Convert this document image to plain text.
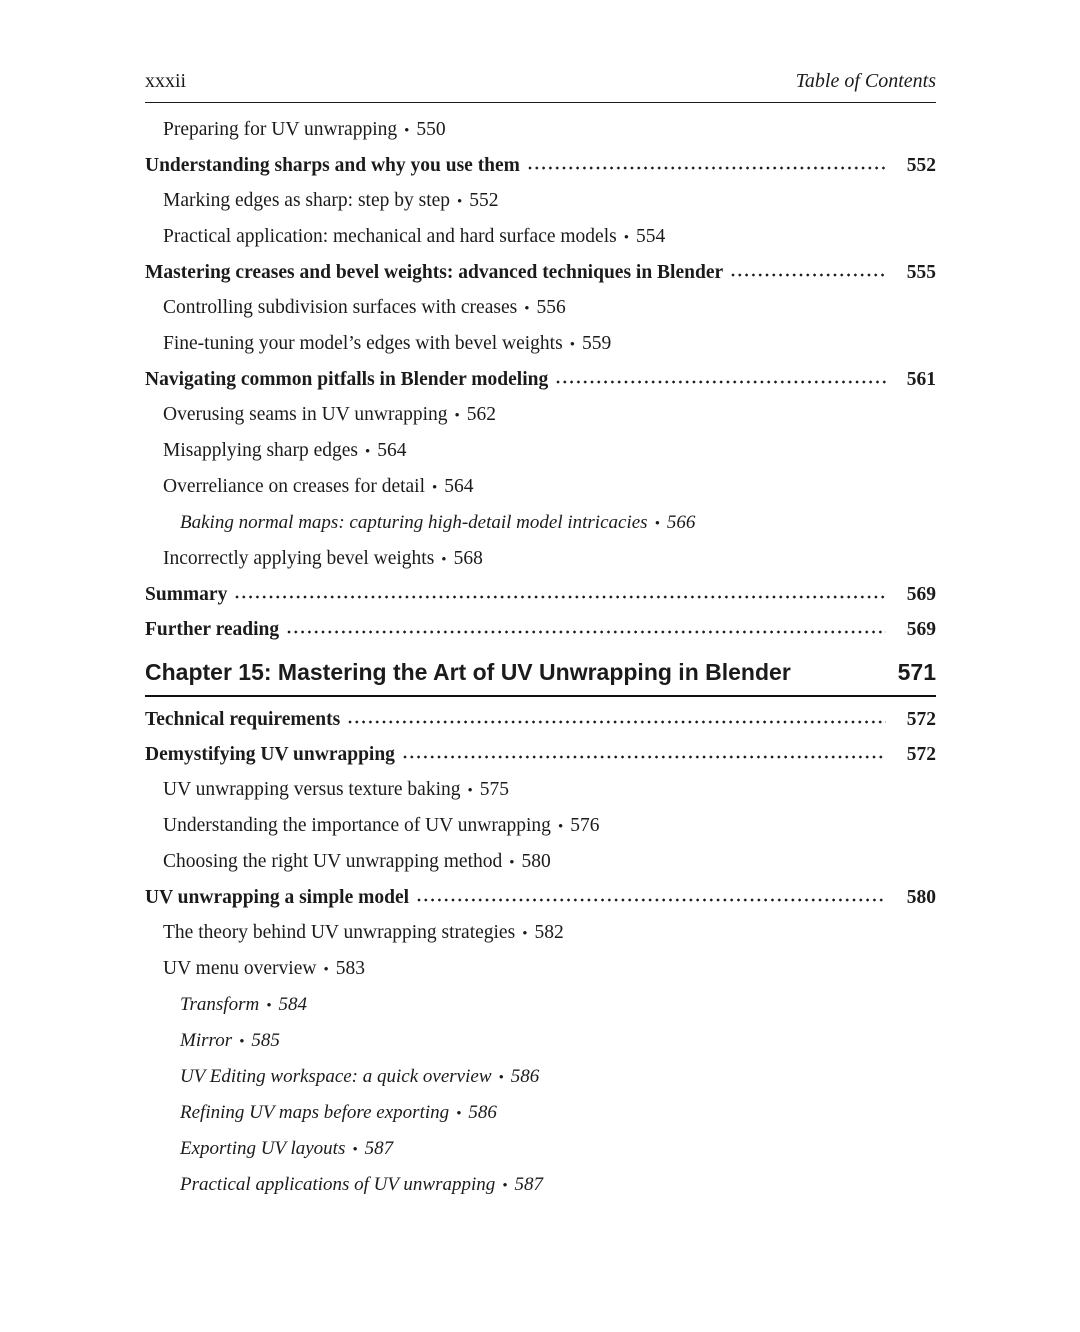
xxxii	Table of Contents
Preparing for UV unwrapping • 550
Understanding sharps and why you use them	552
Marking edges as sharp: step by step • 552
Practical application: mechanical and hard surface models • 554
Mastering creases and bevel weights: advanced techniques in Blender	555
Controlling subdivision surfaces with creases • 556
Fine-tuning your model’s edges with bevel weights • 559
Navigating common pitfalls in Blender modeling	561
Overusing seams in UV unwrapping • 562
Misapplying sharp edges • 564
Overreliance on creases for detail • 564
Baking normal maps: capturing high-detail model intricacies • 566
Incorrectly applying bevel weights • 568
Summary	569
Further reading	569
Chapter 15: Mastering the Art of UV Unwrapping in Blender	571
Technical requirements	572
Demystifying UV unwrapping	572
UV unwrapping versus texture baking • 575
Understanding the importance of UV unwrapping • 576
Choosing the right UV unwrapping method • 580
UV unwrapping a simple model	580
The theory behind UV unwrapping strategies • 582
UV menu overview • 583
Transform • 584
Mirror • 585
UV Editing workspace: a quick overview • 586
Refining UV maps before exporting • 586
Exporting UV layouts • 587
Practical applications of UV unwrapping • 587
